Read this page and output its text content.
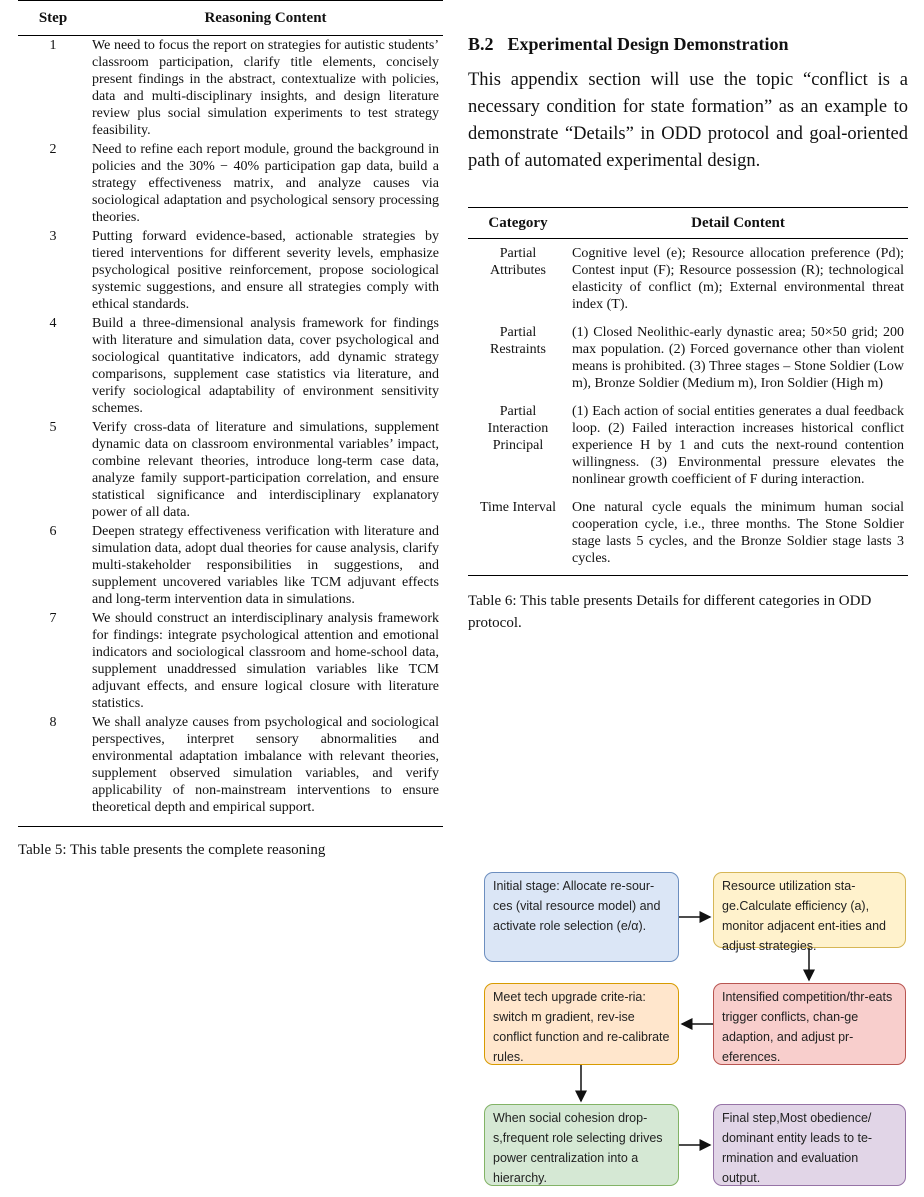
Step	Reasoning Content
1	We need to focus the report on strategies for autistic students’ classroom participation, clarify title elements, concisely present findings in the abstract, contextualize with policies, data and multi-disciplinary insights, and design literature review plus social simulation experiments to test strategy feasibility.
2	Need to refine each report module, ground the background in policies and the 30% − 40% participation gap data, build a strategy effectiveness matrix, and analyze causes via sociological adaptation and psychological sensory processing theories.
3	Putting forward evidence-based, actionable strategies by tiered interventions for different severity levels, emphasize psychological positive reinforcement, propose sociological systemic suggestions, and ensure all strategies comply with ethical standards.
4	Build a three-dimensional analysis framework for findings with literature and simulation data, cover psychological and sociological quantitative indicators, add dynamic strategy comparisons, supplement case statistics via literature, and verify sociological adaptability of environment sensitivity schemes.
5	Verify cross-data of literature and simulations, supplement dynamic data on classroom environmental variables’ impact, combine relevant theories, introduce long-term case data, analyze family support-participation correlation, and ensure statistical significance and interdisciplinary explanatory power of all data.
6	Deepen strategy effectiveness verification with literature and simulation data, adopt dual theories for cause analysis, clarify multi-stakeholder responsibilities in suggestions, and supplement uncovered variables like TCM adjuvant effects and long-term intervention data in simulations.
7	We should construct an interdisciplinary analysis framework for findings: integrate psychological attention and emotional indicators and sociological classroom and home-school data, supplement unaddressed simulation variables like TCM adjuvant effects, and ensure logical closure with literature statistics.
8	We shall analyze causes from psychological and sociological perspectives, interpret sensory abnormalities and environmental adaptation imbalance with relevant theories, supplement observed simulation variables, and verify applicability of non-mainstream interventions to ensure theoretical depth and empirical support.
Table 5: This table presents the complete reasoning
B.2 Experimental Design Demonstration

This appendix section will use the topic “conflict is a necessary condition for state formation” as an example to demonstrate “Details” in ODD protocol and goal-oriented path of automated experimental design.

Category	Detail Content
Partial Attributes	Cognitive level (e); Resource allocation preference (Pd); Contest input (F); Resource possession (R); technological elasticity of conflict (m); External environmental threat index (T).
Partial Restraints	(1) Closed Neolithic-early dynastic area; 50×50 grid; 200 max population. (2) Forced governance other than violent means is prohibited. (3) Three stages – Stone Soldier (Low m), Bronze Soldier (Medium m), Iron Soldier (High m)
Partial Interaction Principal	(1) Each action of social entities generates a dual feedback loop. (2) Failed interaction increases historical conflict experience H by 1 and cuts the next-round contention willingness. (3) Environmental pressure elevates the nonlinear growth coefficient of F during interaction.
Time Interval	One natural cycle equals the minimum human social cooperation cycle, i.e., three months. The Stone Soldier stage lasts 5 cycles, and the Bronze Soldier stage lasts 3 cycles.
Table 6: This table presents Details for different categories in ODD protocol.
Initial stage: Allocate re-sour-ces (vital resource model) and activate role selection (e/α).
Resource utilization sta-ge.Calculate efficiency (a), monitor adjacent ent-ities and adjust strategies.
Intensified competition/thr-eats trigger conflicts, chan-ge adaption, and adjust pr-eferences.
Meet tech upgrade crite-ria: switch m gradient, rev-ise conflict function and re-calibrate rules.
When social cohesion drop-s,frequent role selecting drives power centralization into a hierarchy.
Final step,Most obedience/ dominant entity leads to te-rmination and evaluation output.
